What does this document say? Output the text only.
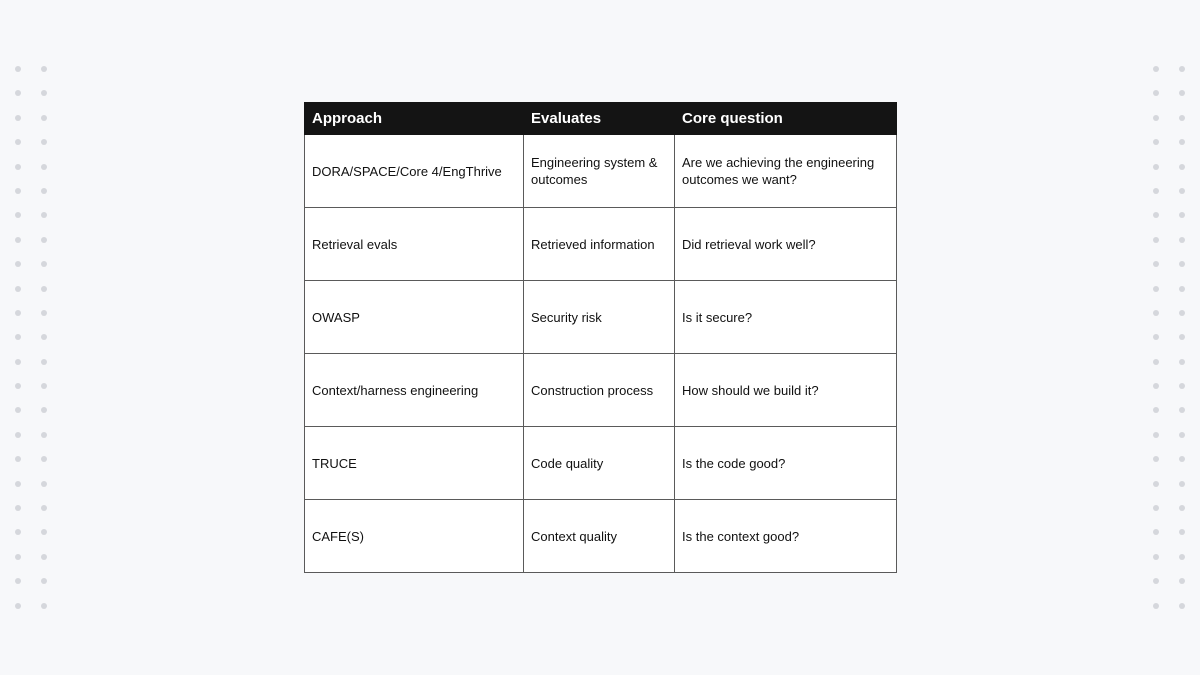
Approach	Evaluates	Core question
DORA/SPACE/Core 4/EngThrive	Engineering system & outcomes	Are we achieving the engineering outcomes we want?
Retrieval evals	Retrieved information	Did retrieval work well?
OWASP	Security risk	Is it secure?
Context/harness engineering	Construction process	How should we build it?
TRUCE	Code quality	Is the code good?
CAFE(S)	Context quality	Is the context good?
